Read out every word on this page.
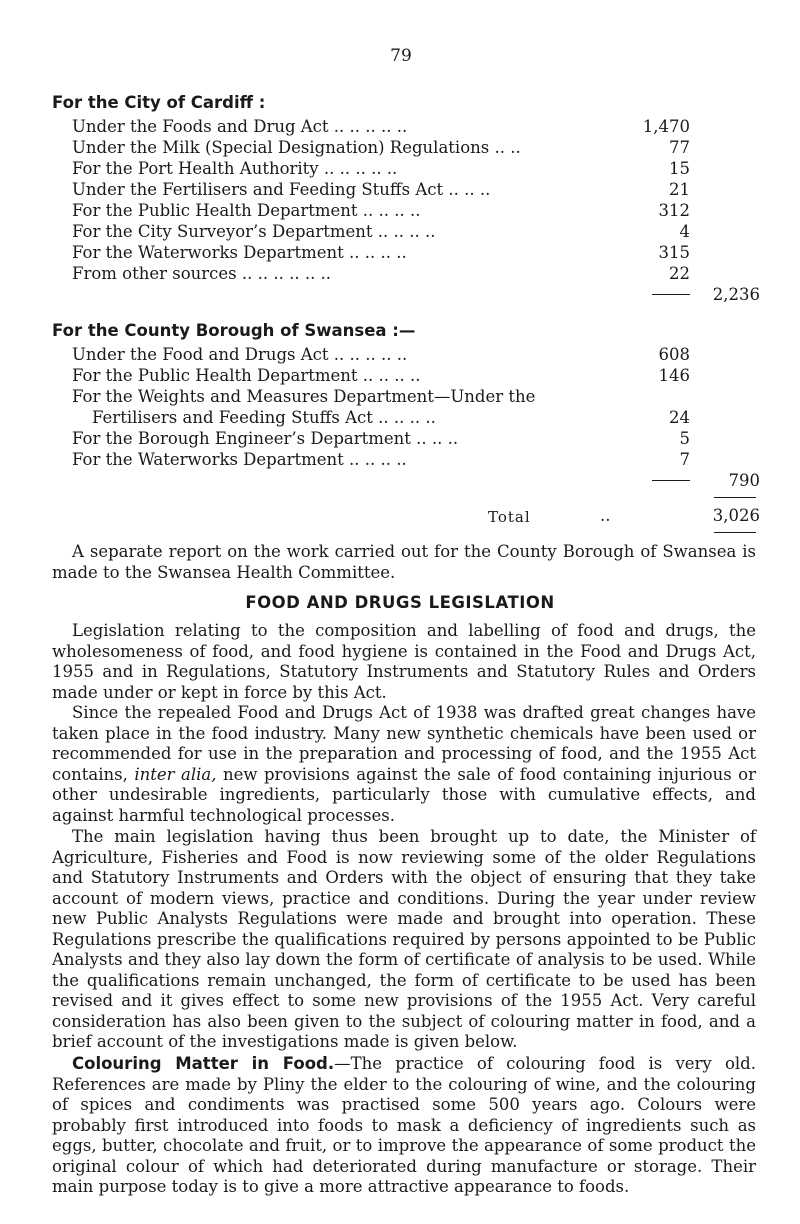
79
For the City of Cardiff :
Under the Foods and Drug Act .. .. .. .. ..	1,470
Under the Milk (Special Designation) Regulations .. ..	77
For the Port Health Authority .. .. .. .. ..	15
Under the Fertilisers and Feeding Stuffs Act .. .. ..	21
For the Public Health Department .. .. .. ..	312
For the City Surveyor’s Department .. .. .. ..	4
For the Waterworks Department .. .. .. ..	315
From other sources .. .. .. .. .. ..	22
2,236
For the County Borough of Swansea :—
Under the Food and Drugs Act .. .. .. .. ..	608
For the Public Health Department .. .. .. ..	146
For the Weights and Measures Department—Under the
Fertilisers and Feeding Stuffs Act .. .. .. ..	24
For the Borough Engineer’s Department .. .. ..	5
For the Waterworks Department .. .. .. ..	7
790
Total	..	3,026
A separate report on the work carried out for the County Borough of Swansea is made to the Swansea Health Committee.
FOOD AND DRUGS LEGISLATION
Legislation relating to the composition and labelling of food and drugs, the wholesomeness of food, and food hygiene is contained in the Food and Drugs Act, 1955 and in Regulations, Statutory Instruments and Statutory Rules and Orders made under or kept in force by this Act.
Since the repealed Food and Drugs Act of 1938 was drafted great changes have taken place in the food industry. Many new synthetic chemicals have been used or recommended for use in the preparation and processing of food, and the 1955 Act contains, inter alia, new provisions against the sale of food containing injurious or other undesirable ingredients, particularly those with cumulative effects, and against harmful technological processes.
The main legislation having thus been brought up to date, the Minister of Agriculture, Fisheries and Food is now reviewing some of the older Regulations and Statutory Instruments and Orders with the object of ensuring that they take account of modern views, practice and conditions. During the year under review new Public Analysts Regulations were made and brought into operation. These Regulations prescribe the qualifications required by persons appointed to be Public Analysts and they also lay down the form of certificate of analysis to be used. While the qualifications remain unchanged, the form of certificate to be used has been revised and it gives effect to some new provisions of the 1955 Act. Very careful consideration has also been given to the subject of colouring matter in food, and a brief account of the investigations made is given below.
Colouring Matter in Food.—The practice of colouring food is very old. References are made by Pliny the elder to the colouring of wine, and the colouring of spices and condiments was practised some 500 years ago. Colours were probably first introduced into foods to mask a deficiency of ingredients such as eggs, butter, chocolate and fruit, or to improve the appearance of some product the original colour of which had deteriorated during manufacture or storage. Their main purpose today is to give a more attractive appearance to foods.
